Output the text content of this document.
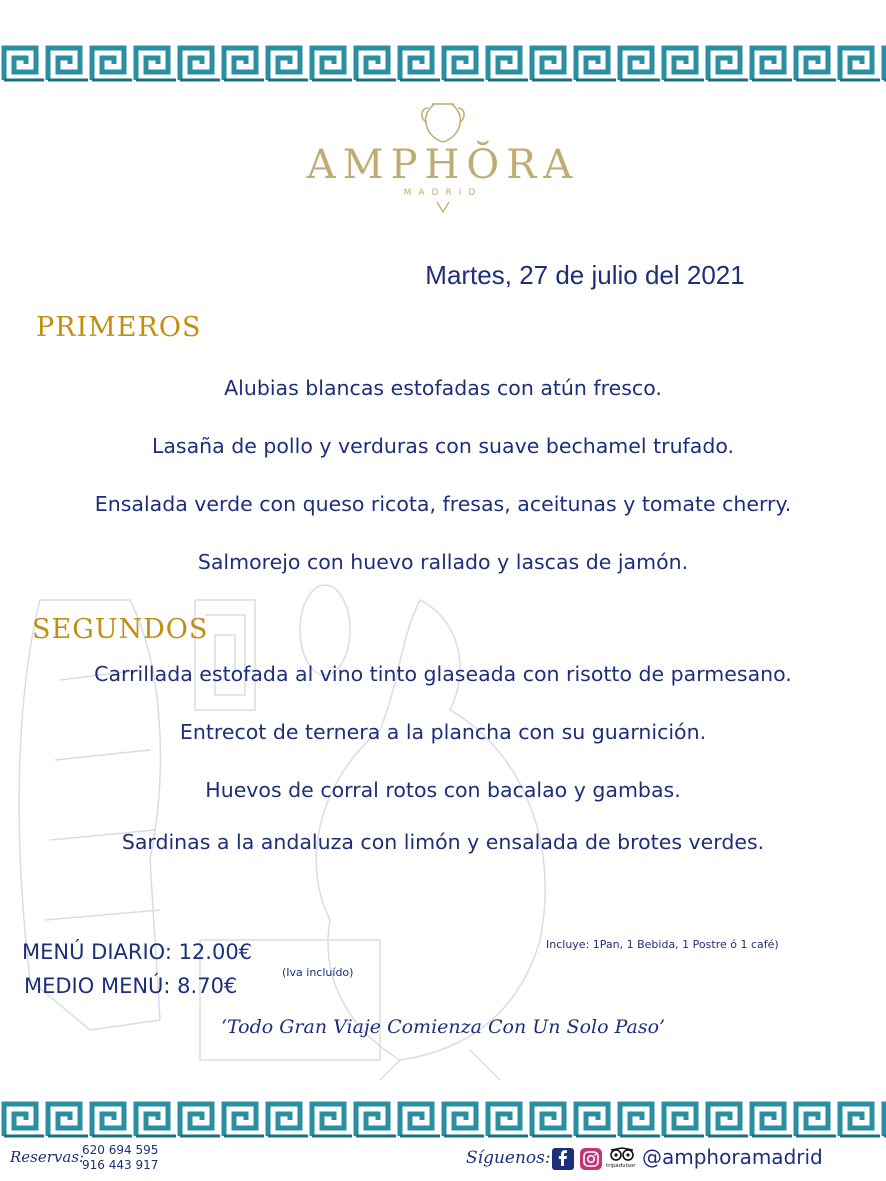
AMPHŎRA
MADRID
Martes, 27 de julio del 2021
PRIMEROS
Alubias blancas estofadas con atún fresco.
Lasaña de pollo y verduras con suave bechamel trufado.
Ensalada verde con queso ricota, fresas, aceitunas y tomate cherry.
Salmorejo con huevo rallado y lascas de jamón.
SEGUNDOS
Carrillada estofada al vino tinto glaseada con risotto de parmesano.
Entrecot de ternera a la plancha con su guarnición.
Huevos de corral rotos con bacalao y gambas.
Sardinas a la andaluza con limón y ensalada de brotes verdes.
MENÚ DIARIO: 12.00€
MEDIO MENÚ: 8.70€
(Iva incluído)
Incluye: 1Pan, 1 Bebida, 1 Postre ó 1 café)
‘Todo Gran Viaje Comienza Con Un Solo Paso’
Reservas:
620 694 595
916 443 917	Síguenos:	tripadvisor @amphoramadrid
